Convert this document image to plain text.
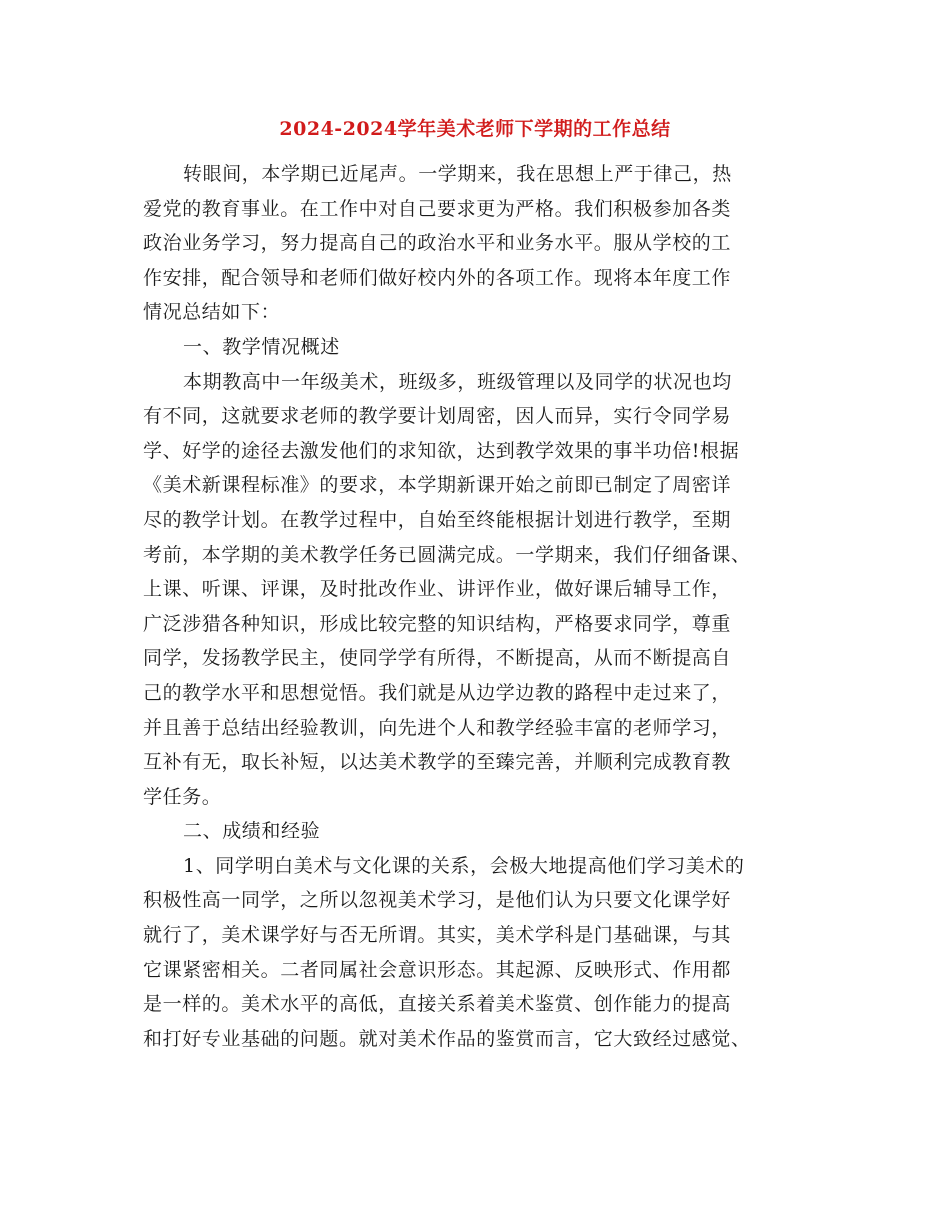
2024-2024学年美术老师下学期的工作总结
转眼间，本学期已近尾声。一学期来，我在思想上严于律己，热
爱党的教育事业。在工作中对自己要求更为严格。我们积极参加各类
政治业务学习，努力提高自己的政治水平和业务水平。服从学校的工
作安排，配合领导和老师们做好校内外的各项工作。现将本年度工作
情况总结如下：
一、教学情况概述
本期教高中一年级美术，班级多，班级管理以及同学的状况也均
有不同，这就要求老师的教学要计划周密，因人而异，实行令同学易
学、好学的途径去激发他们的求知欲，达到教学效果的事半功倍!根据
《美术新课程标准》的要求，本学期新课开始之前即已制定了周密详
尽的教学计划。在教学过程中，自始至终能根据计划进行教学，至期
考前，本学期的美术教学任务已圆满完成。一学期来，我们仔细备课、
上课、听课、评课，及时批改作业、讲评作业，做好课后辅导工作，
广泛涉猎各种知识，形成比较完整的知识结构，严格要求同学，尊重
同学，发扬教学民主，使同学学有所得，不断提高，从而不断提高自
己的教学水平和思想觉悟。我们就是从边学边教的路程中走过来了，
并且善于总结出经验教训，向先进个人和教学经验丰富的老师学习，
互补有无，取长补短，以达美术教学的至臻完善，并顺利完成教育教
学任务。
二、成绩和经验
1、同学明白美术与文化课的关系，会极大地提高他们学习美术的
积极性高一同学，之所以忽视美术学习，是他们认为只要文化课学好
就行了，美术课学好与否无所谓。其实，美术学科是门基础课，与其
它课紧密相关。二者同属社会意识形态。其起源、反映形式、作用都
是一样的。美术水平的高低，直接关系着美术鉴赏、创作能力的提高
和打好专业基础的问题。就对美术作品的鉴赏而言，它大致经过感觉、
